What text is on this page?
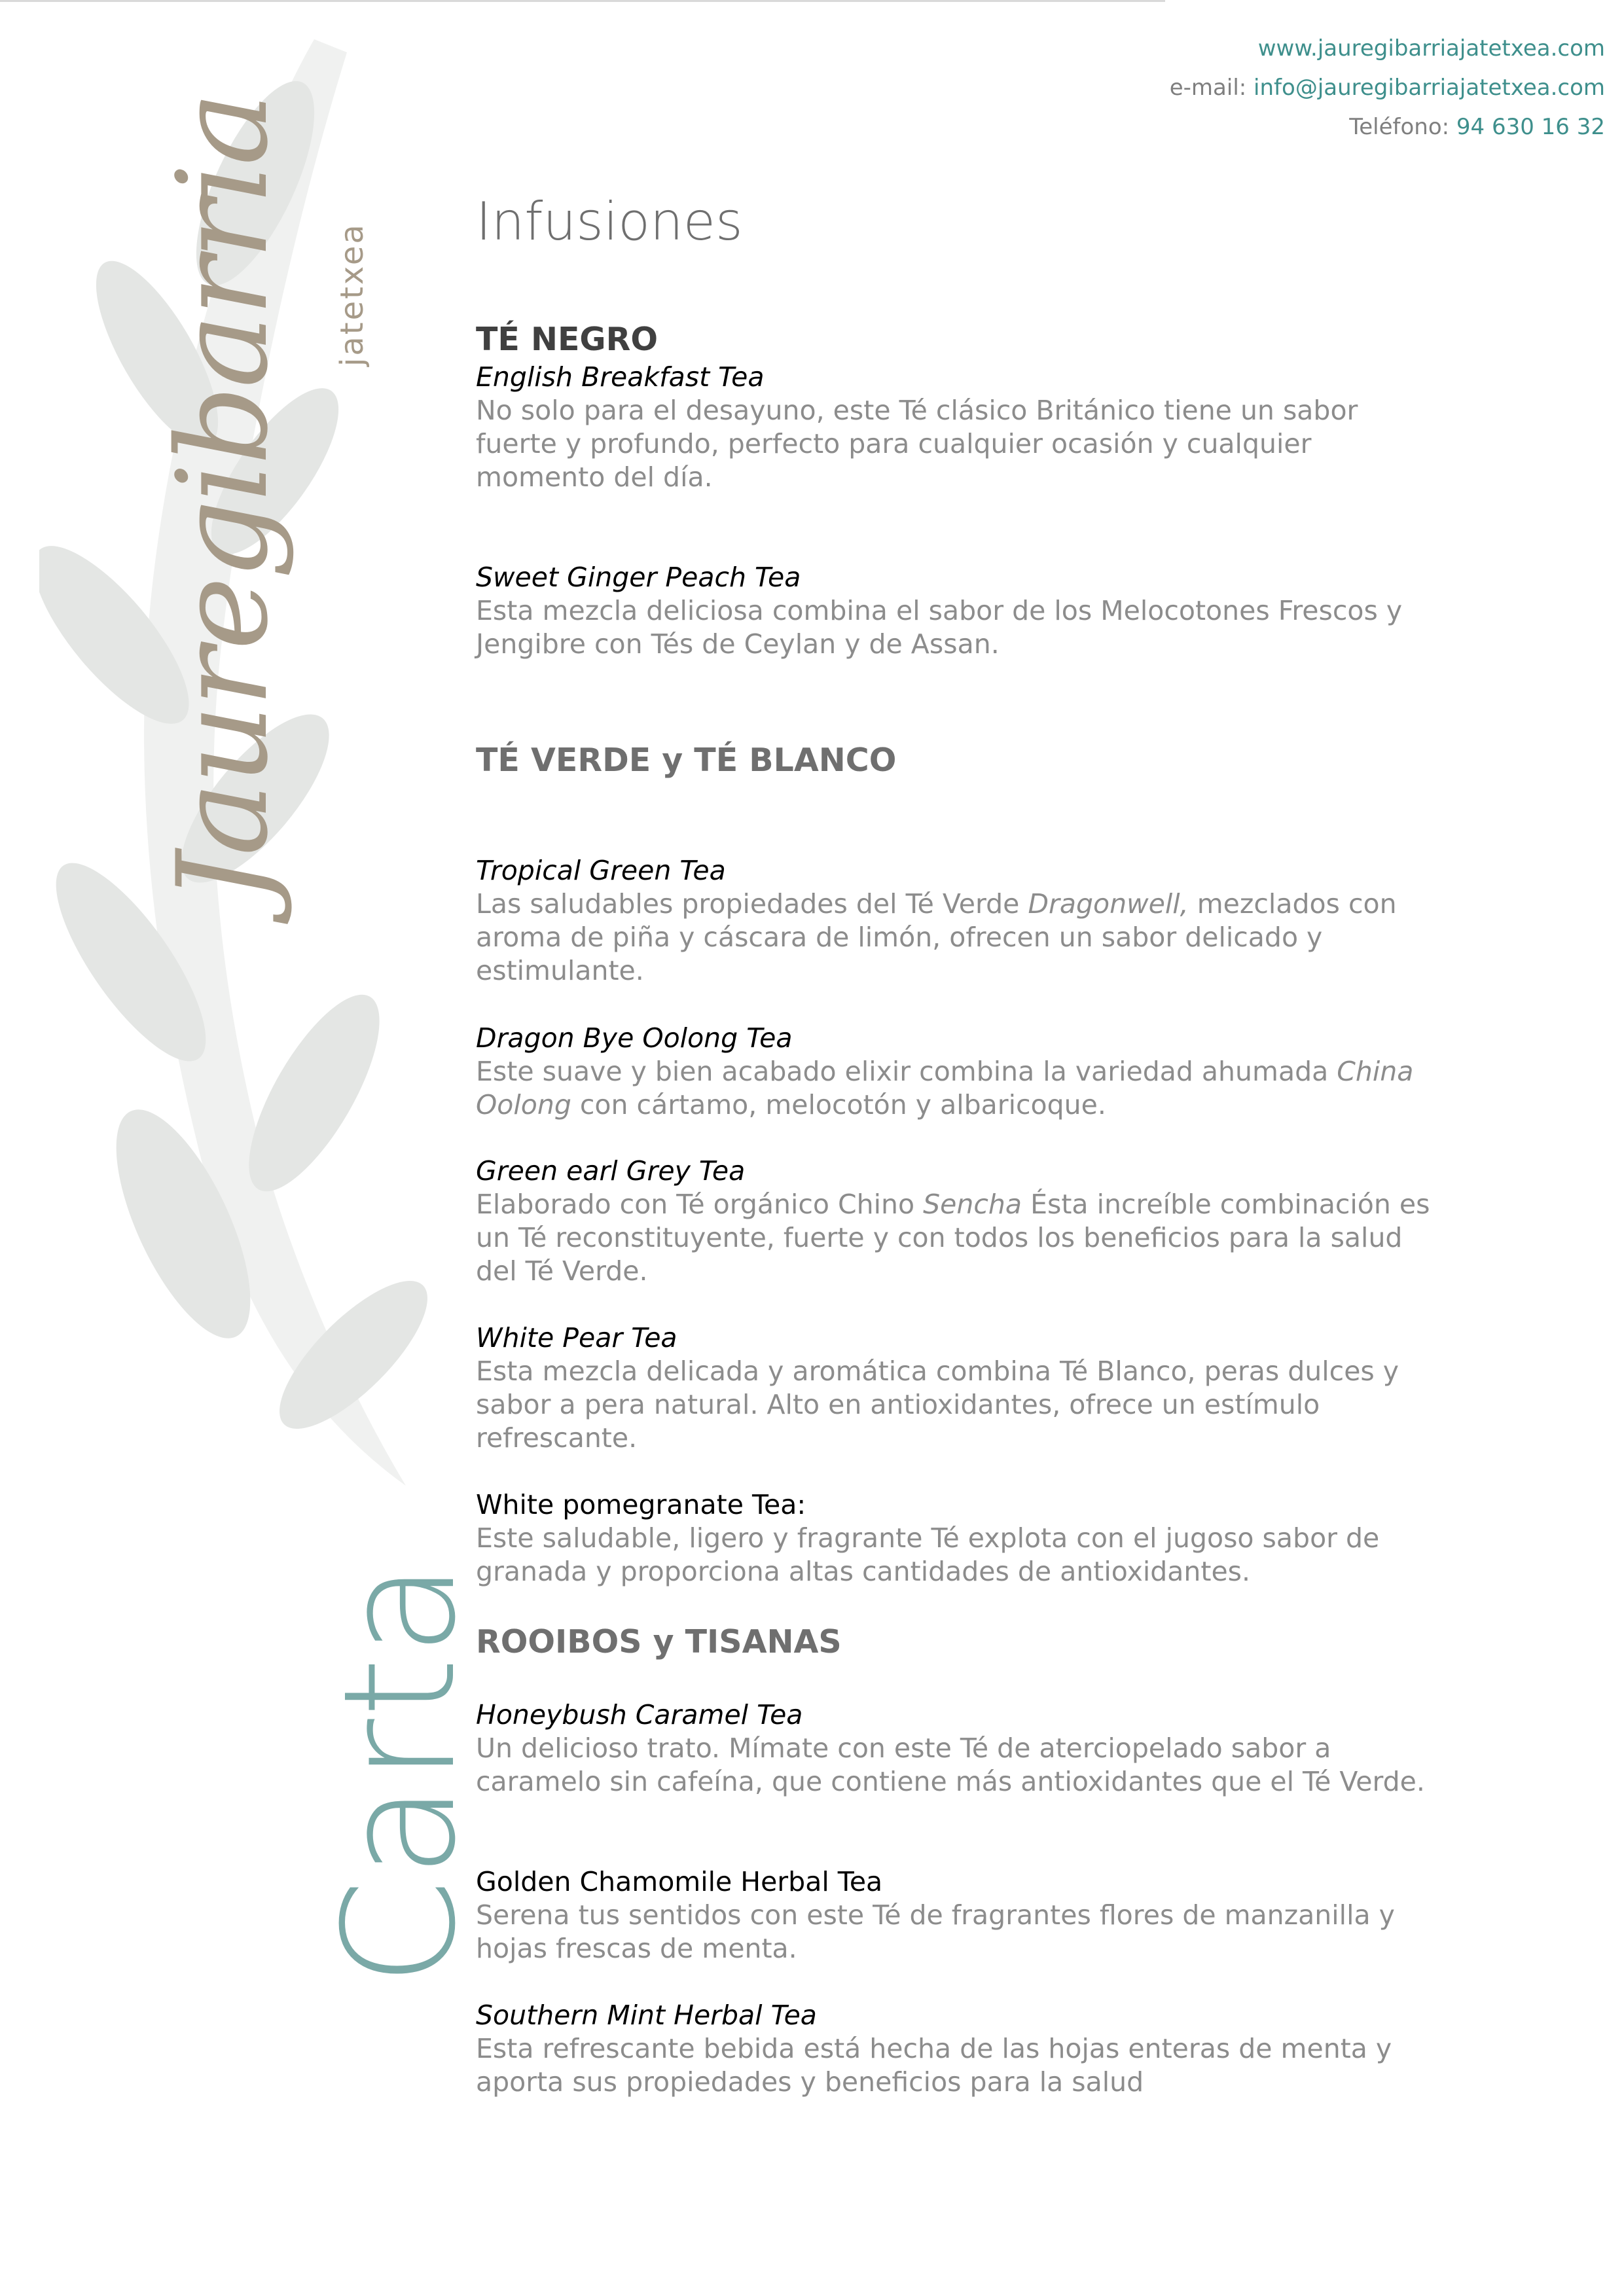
Jauregibarria jatetxea
Carta
www.jauregibarriajatetxea.com
e-mail: info@jauregibarriajatetxea.com
Teléfono: 94 630 16 32
Infusiones
TÉ NEGRO

English Breakfast Tea

No solo para el desayuno, este Té clásico Británico tiene un sabor fuerte y profundo, perfecto para cualquier ocasión y cualquier momento del día.

Sweet Ginger Peach Tea

Esta mezcla deliciosa combina el sabor de los Melocotones Frescos y Jengibre con Tés de Ceylan y de Assan.

TÉ VERDE y TÉ BLANCO

Tropical Green Tea

Las saludables propiedades del Té Verde Dragonwell, mezclados con aroma de piña y cáscara de limón, ofrecen un sabor delicado y estimulante.

Dragon Bye Oolong Tea

Este suave y bien acabado elixir combina la variedad ahumada China Oolong con cártamo, melocotón y albaricoque.

Green earl Grey Tea

Elaborado con Té orgánico Chino Sencha Ésta increíble combinación es un Té reconstituyente, fuerte y con todos los beneficios para la salud del Té Verde.

White Pear Tea

Esta mezcla delicada y aromática combina Té Blanco, peras dulces y sabor a pera natural. Alto en antioxidantes, ofrece un estímulo refrescante.

White pomegranate Tea:

Este saludable, ligero y fragrante Té explota con el jugoso sabor de granada y proporciona altas cantidades de antioxidantes.

ROOIBOS y TISANAS

Honeybush Caramel Tea

Un delicioso trato. Mímate con este Té de aterciopelado sabor a caramelo sin cafeína, que contiene más antioxidantes que el Té Verde.

Golden Chamomile Herbal Tea

Serena tus sentidos con este Té de fragrantes flores de manzanilla y hojas frescas de menta.

Southern Mint Herbal Tea

Esta refrescante bebida está hecha de las hojas enteras de menta y aporta sus propiedades y beneficios para la salud
